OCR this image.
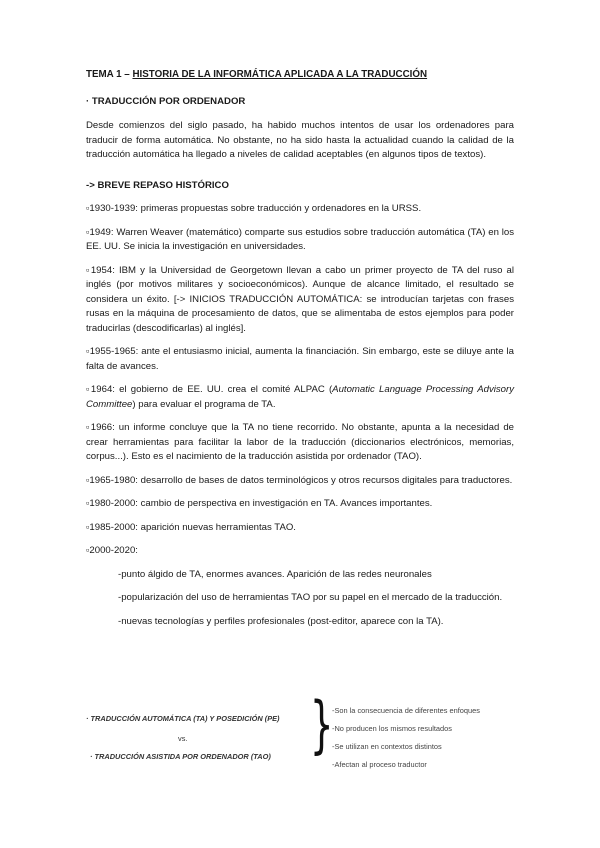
TEMA 1 – HISTORIA DE LA INFORMÁTICA APLICADA A LA TRADUCCIÓN
· TRADUCCIÓN POR ORDENADOR

Desde comienzos del siglo pasado, ha habido muchos intentos de usar los ordenadores para traducir de forma automática. No obstante, no ha sido hasta la actualidad cuando la calidad de la traducción automática ha llegado a niveles de calidad aceptables (en algunos tipos de textos).

-> BREVE REPASO HISTÓRICO

▫1930-1939: primeras propuestas sobre traducción y ordenadores en la URSS.

▫1949: Warren Weaver (matemático) comparte sus estudios sobre traducción automática (TA) en los EE. UU. Se inicia la investigación en universidades.

▫1954: IBM y la Universidad de Georgetown llevan a cabo un primer proyecto de TA del ruso al inglés (por motivos militares y socioeconómicos). Aunque de alcance limitado, el resultado se considera un éxito. [-> INICIOS TRADUCCIÓN AUTOMÁTICA: se introducían tarjetas con frases rusas en la máquina de procesamiento de datos, que se alimentaba de estos ejemplos para poder traducirlas (descodificarlas) al inglés].

▫1955-1965: ante el entusiasmo inicial, aumenta la financiación. Sin embargo, este se diluye ante la falta de avances.

▫1964: el gobierno de EE. UU. crea el comité ALPAC (Automatic Language Processing Advisory Committee) para evaluar el programa de TA.

▫1966: un informe concluye que la TA no tiene recorrido. No obstante, apunta a la necesidad de crear herramientas para facilitar la labor de la traducción (diccionarios electrónicos, memorias, corpus...). Esto es el nacimiento de la traducción asistida por ordenador (TAO).

▫1965-1980: desarrollo de bases de datos terminológicos y otros recursos digitales para traductores.

▫1980-2000: cambio de perspectiva en investigación en TA. Avances importantes.

▫1985-2000: aparición nuevas herramientas TAO.

▫2000-2020:

-punto álgido de TA, enormes avances. Aparición de las redes neuronales

-popularización del uso de herramientas TAO por su papel en el mercado de la traducción.

-nuevas tecnologías y perfiles profesionales (post-editor, aparece con la TA).

· TRADUCCIÓN AUTOMÁTICA (TA) Y POSEDICIÓN (PE)
vs.
· TRADUCCIÓN ASISTIDA POR ORDENADOR (TAO) }
-Son la consecuencia de diferentes enfoques
-No producen los mismos resultados
-Se utilizan en contextos distintos
-Afectan al proceso traductor
